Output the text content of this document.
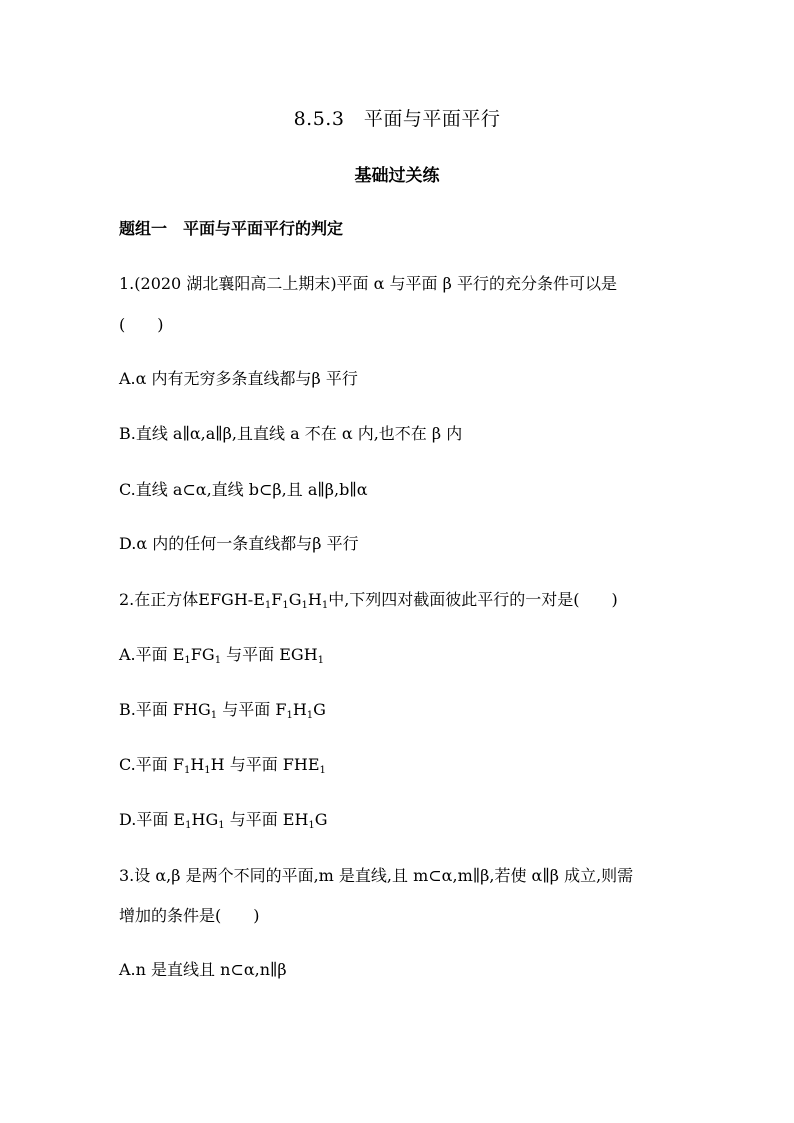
8.5.3　平面与平面平行
基础过关练
题组一　平面与平面平行的判定
1.(2020 湖北襄阳高二上期末)平面 α 与平面 β 平行的充分条件可以是
(　　)
A.α 内有无穷多条直线都与β 平行
B.直线 a∥α,a∥β,且直线 a 不在 α 内,也不在 β 内
C.直线 a⊂α,直线 b⊂β,且 a∥β,b∥α
D.α 内的任何一条直线都与β 平行
2.在正方体EFGH-$E_1F_1G_1H_1$中,下列四对截面彼此平行的一对是(　　)
A.平面 $E_1FG_1$ 与平面 $EGH_1$
B.平面 $FHG_1$ 与平面 $F_1H_1G$
C.平面 $F_1H_1H$ 与平面 $FHE_1$
D.平面 $E_1HG_1$ 与平面 $EH_1G$
3.设 α,β 是两个不同的平面,m 是直线,且 m⊂α,m∥β,若使 α∥β 成立,则需
增加的条件是(　　)
A.n 是直线且 n⊂α,n∥β
